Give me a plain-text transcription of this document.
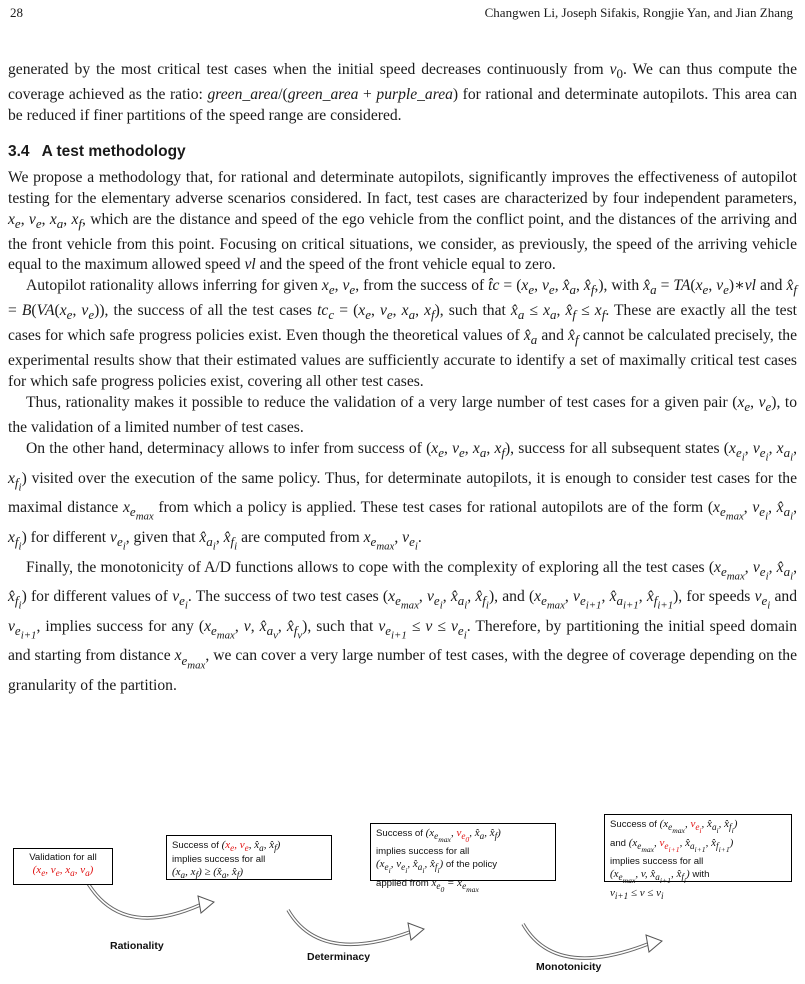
28	Changwen Li, Joseph Sifakis, Rongjie Yan, and Jian Zhang

generated by the most critical test cases when the initial speed decreases continuously from $v_0$. We can thus compute the coverage achieved as the ratio: green_area/(green_area + purple_area) for rational and determinate autopilots. This area can be reduced if finer partitions of the speed range are considered.

3.4 A test methodology

We propose a methodology that, for rational and determinate autopilots, significantly improves the effectiveness of autopilot testing for the elementary adverse scenarios considered. In fact, test cases are characterized by four independent parameters, $x_e$, $v_e$, $x_a$, $x_f$, which are the distance and speed of the ego vehicle from the conflict point, and the distances of the arriving and the front vehicle from this point. Focusing on critical situations, we consider, as previously, the speed of the arriving vehicle equal to the maximum allowed speed vl and the speed of the front vehicle equal to zero.

Autopilot rationality allows inferring for given $x_e$, $v_e$, from the success of t̂c = ($x_e$, $v_e$, $x̂_a$, $x̂_f$,), with $x̂_a = TA(x_e$, $v_e)∗vl$ and $x̂_f = B(VA(x_e$, $v_e$)), the success of all the test cases $tc_c = (x_e$, $v_e$, $x_a$, $x_f$), such that $x̂_a \le x_a$, $x̂_f \le x_f$. These are exactly all the test cases for which safe progress policies exist. Even though the theoretical values of $x̂_a$ and $x̂_f$ cannot be calculated precisely, the experimental results show that their estimated values are sufficiently accurate to identify a set of maximally critical test cases for which safe progress policies exist, covering all other test cases.

Thus, rationality makes it possible to reduce the validation of a very large number of test cases for a given pair ($x_e$, $v_e$), to the validation of a limited number of test cases.

On the other hand, determinacy allows to infer from success of ($x_e$, $v_e$, $x_a$, $x_f$), success for all subsequent states ($x_{e_i}$, $v_{e_i}$, $x_{a_i}$, $x_{f_i}$) visited over the execution of the same policy. Thus, for determinate autopilots, it is enough to consider test cases for the maximal distance $x_{e_{max}}$ from which a policy is applied. These test cases for rational autopilots are of the form ($x_{e_{max}}$, $v_{e_i}$, $x̂_{a_i}$, $x_{f_i}$) for different $v_{e_i}$, given that $x̂_{a_i}$, $x̂_{f_i}$ are computed from $x_{e_{max}}$, $v_{e_i}$.

Finally, the monotonicity of A/D functions allows to cope with the complexity of exploring all the test cases ($x_{e_{max}}$, $v_{e_i}$, $x̂_{a_i}$, $x̂_{f_i}$) for different values of $v_{e_i}$. The success of two test cases ($x_{e_{max}}$, $v_{e_i}$, $x̂_{a_i}$, $x̂_{f_i}$), and ($x_{e_{max}}$, $v_{e_{i+1}}$, $x̂_{a_{i+1}}$, $x̂_{f_{i+1}}$), for speeds $v_{e_i}$ and $v_{e_{i+1}}$, implies success for any ($x_{e_{max}}$, v, $x̂_{a_v}$, $x̂_{f_v}$), such that $v_{e_{i+1}} \le v \le v_{e_i}$. Therefore, by partitioning the initial speed domain and starting from distance $x_{e_{max}}$, we can cover a very large number of test cases, with the degree of coverage depending on the granularity of the partition.

Validation for all
($x_e$, $v_e$, $x_a$, $v_a$)
Success of ($x_e$, $v_e$, $x̂_a$, $x̂_f$)
implies success for all
($x_a$, $x_f$) ≥ ($x̂_a$, $x̂_f$)
Success of ($x_{e_{max}}$, $v_{e_0}$, $x̂_a$, $x̂_f$)
implies success for all
($x_{e_i}$, $v_{e_i}$, $x̂_{a_i}$, $x̂_{f_i}$) of the policy
applied from $x_{e_0} = x_{e_{max}}$
Success of ($x_{e_{max}}$, $v_{e_i}$, $x̂_{a_i}$, $x̂_{f_i}$)
and ($x_{e_{max}}$, $v_{e_{i+1}}$, $x̂_{a_{i+1}}$, $x̂_{f_{i+1}}$)
implies success for all
($x_{e_{max}}$, v, $x̂_{a_{i+1}}$, $x̂_{f_i}$) with
$v_{i+1} \le v \le v_i$
Rationality
Determinacy
Monotonicity
